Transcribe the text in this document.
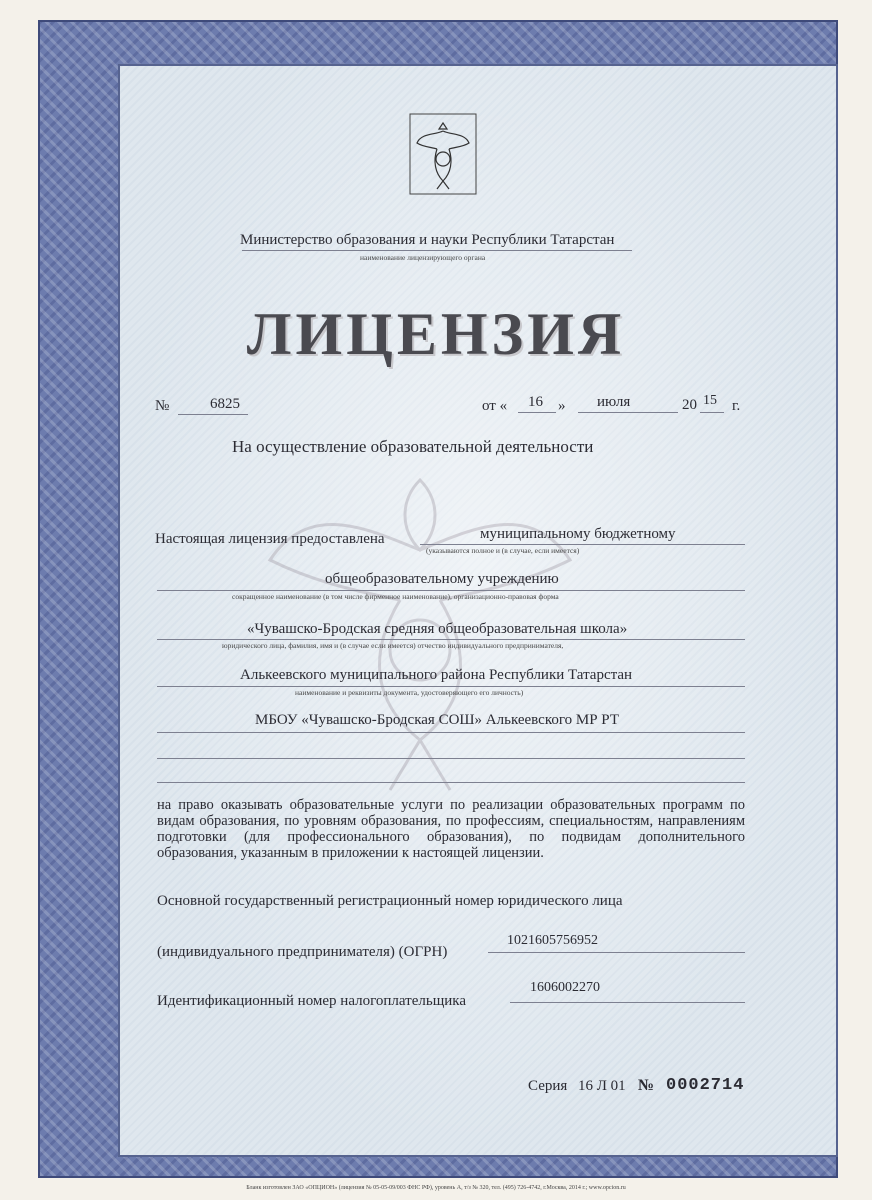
Министерство образования и науки Республики Татарстан
наименование лицензирующего органа
ЛИЦЕНЗИЯ
№	6825	от « 16 » июля	20 15 г.
На осуществление образовательной деятельности
Настоящая лицензия предоставлена	муниципальному бюджетному
(указываются полное и (в случае, если имеется)
общеобразовательному учреждению
сокращенное наименование (в том числе фирменное наименование), организационно-правовая форма
«Чувашско-Бродская средняя общеобразовательная школа»
юридического лица, фамилия, имя и (в случае если имеется) отчество индивидуального предпринимателя,
Алькеевского муниципального района Республики Татарстан
наименование и реквизиты документа, удостоверяющего его личность)
МБОУ «Чувашско-Бродская СОШ» Алькеевского МР РТ
на право оказывать образовательные услуги по реализации образовательных программ по видам образования, по уровням образования, по профессиям, специальностям, направлениям подготовки (для профессионального образования), по подвидам дополнительного образования, указанным в приложении к настоящей лицензии.
Основной государственный регистрационный номер юридического лица
(индивидуального предпринимателя) (ОГРН)
1021605756952
Идентификационный номер налогоплательщика
1606002270
Серия 16 Л 01 № 0002714
Бланк изготовлен ЗАО «ОПЦИОН» (лицензия № 05-05-09/003 ФНС РФ), уровень А, т/з № 320, тел. (495) 726-4742, г.Москва, 2014 г.; www.opcion.ru
